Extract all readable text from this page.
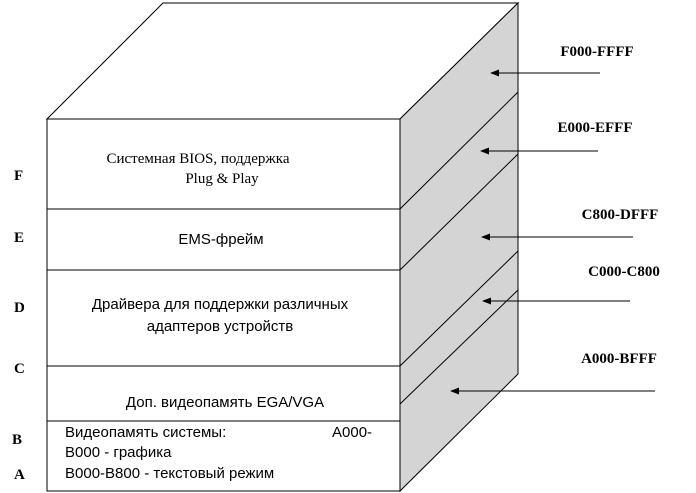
Системная BIOS, поддержка
Plug & Play
EMS-фрейм
Драйвера для поддержки различных
адаптеров устройств
Доп. видеопамять EGA/VGA
Видеопамять системы:	A000-
B000 - графика
B000-B800 - текстовый режим
F
E
D
C
B
A
F000-FFFF
E000-EFFF
C800-DFFF
C000-C800
A000-BFFF
